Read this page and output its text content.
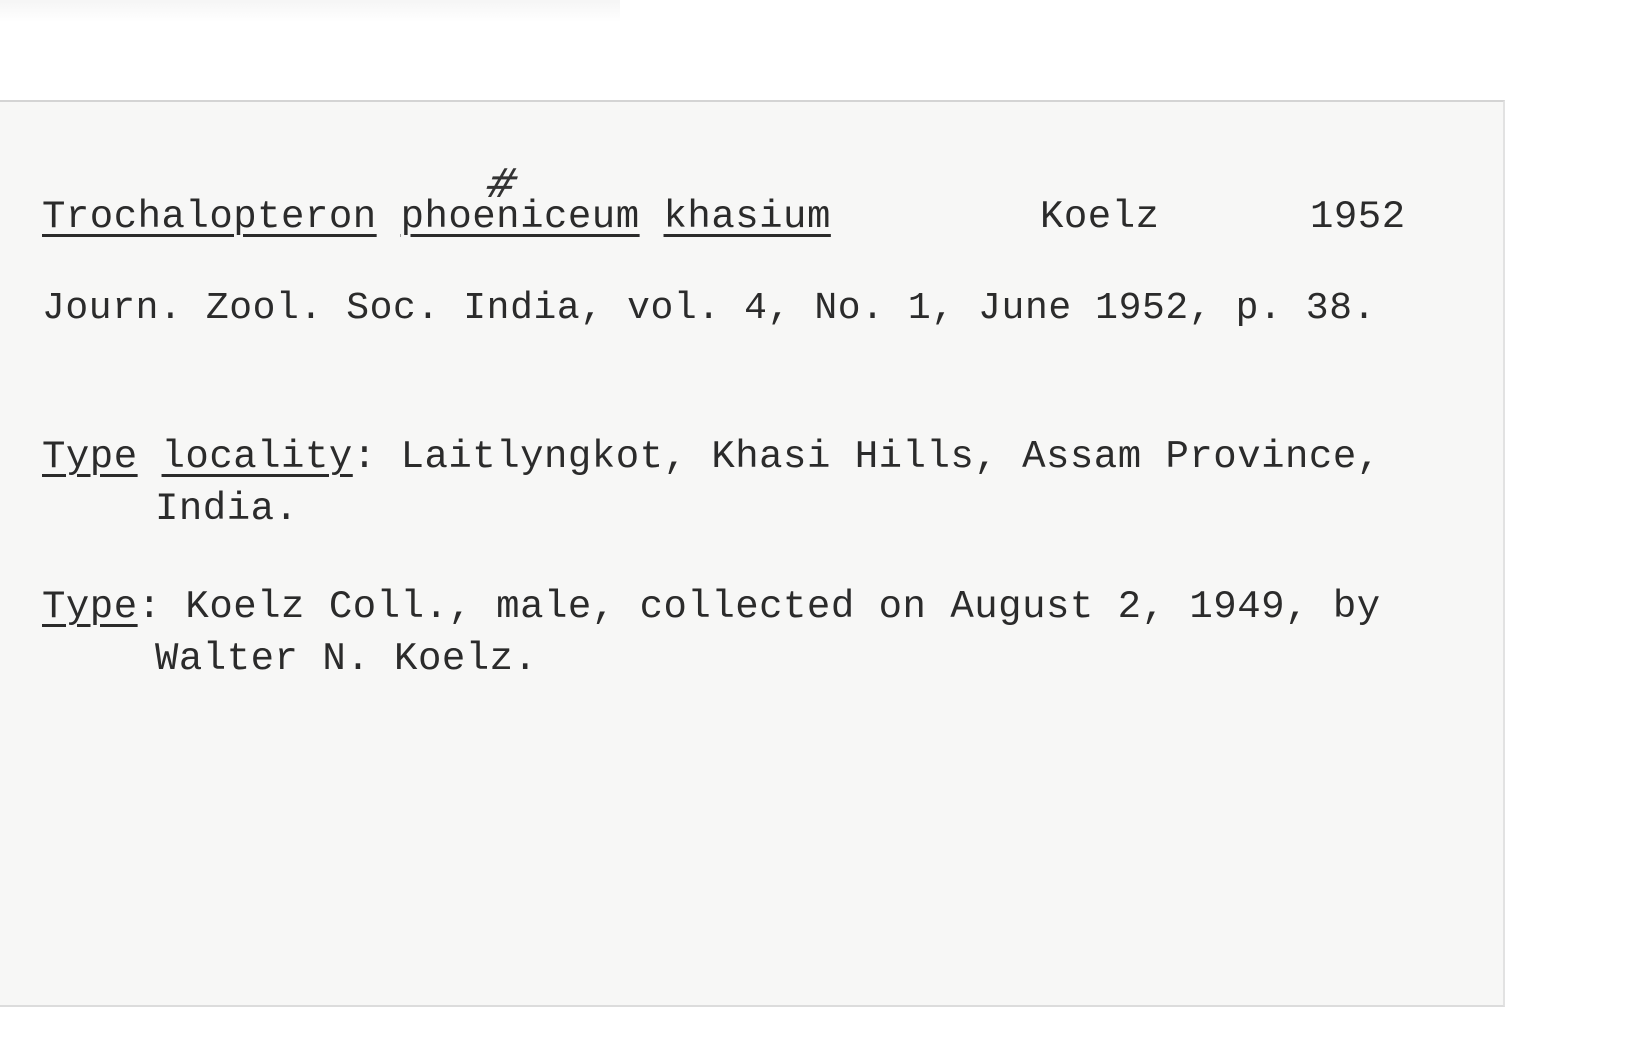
#
Trochalopteron phoeniceum khasium	Koelz	1952
Journ. Zool. Soc. India, vol. 4, No. 1, June 1952, p. 38.
Type locality: Laitlyngkot, Khasi Hills, Assam Province,
India.
Type: Koelz Coll., male, collected on August 2, 1949, by
Walter N. Koelz.
